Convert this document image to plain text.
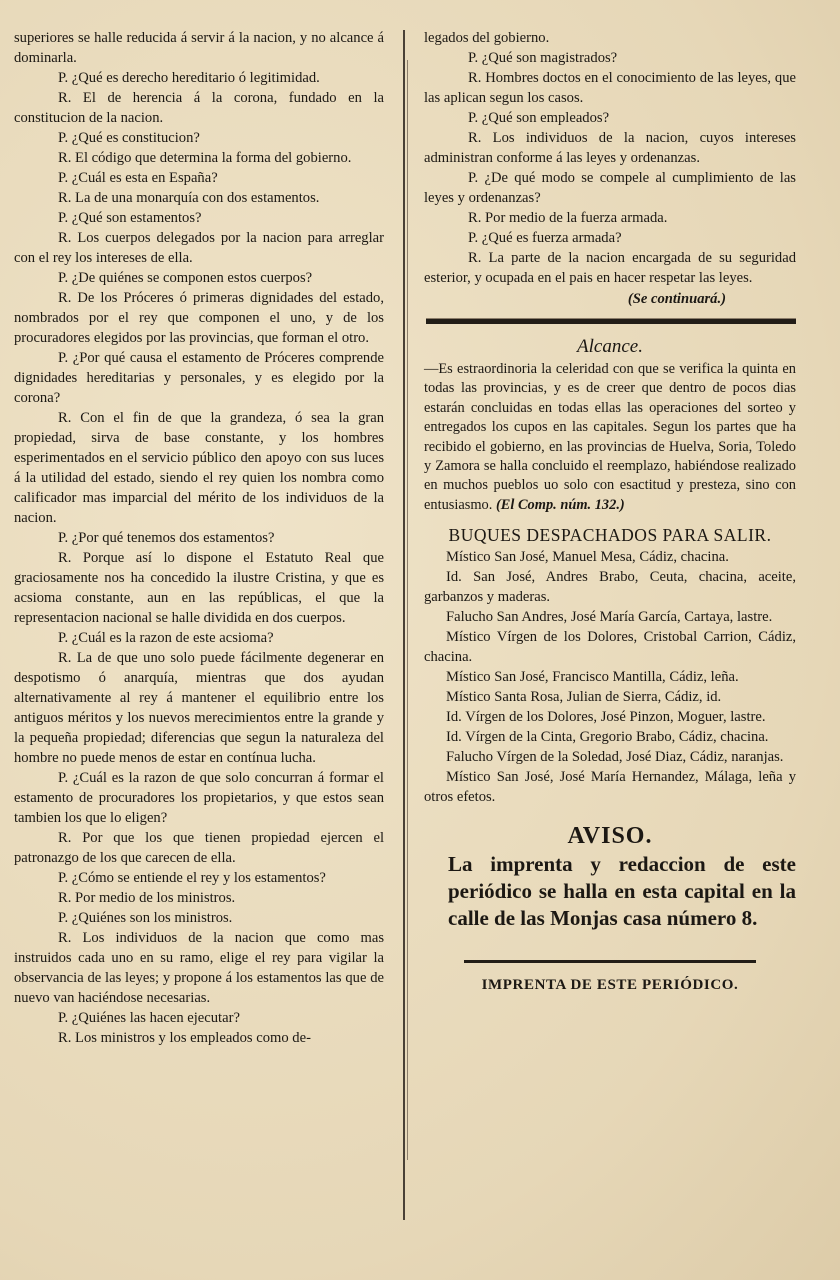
superiores se halle reducida á servir á la nacion, y no alcance á dominarla.

P. ¿Qué es derecho hereditario ó legitimidad.

R. El de herencia á la corona, fundado en la constitucion de la nacion.

P. ¿Qué es constitucion?

R. El código que determina la forma del gobierno.

P. ¿Cuál es esta en España?

R. La de una monarquía con dos estamentos.

P. ¿Qué son estamentos?

R. Los cuerpos delegados por la nacion para arreglar con el rey los intereses de ella.

P. ¿De quiénes se componen estos cuerpos?

R. De los Próceres ó primeras dignidades del estado, nombrados por el rey que componen el uno, y de los procuradores elegidos por las provincias, que forman el otro.

P. ¿Por qué causa el estamento de Próceres comprende dignidades hereditarias y personales, y es elegido por la corona?

R. Con el fin de que la grandeza, ó sea la gran propiedad, sirva de base constante, y los hombres esperimentados en el servicio público den apoyo con sus luces á la utilidad del estado, siendo el rey quien los nombra como calificador mas imparcial del mérito de los individuos de la nacion.

P. ¿Por qué tenemos dos estamentos?

R. Porque así lo dispone el Estatuto Real que graciosamente nos ha concedido la ilustre Cristina, y que es acsioma constante, aun en las repúblicas, el que la representacion nacional se halle dividida en dos cuerpos.

P. ¿Cuál es la razon de este acsioma?

R. La de que uno solo puede fácilmente degenerar en despotismo ó anarquía, mientras que dos ayudan alternativamente al rey á mantener el equilibrio entre los antiguos méritos y los nuevos merecimientos entre la grande y la pequeña propiedad; diferencias que segun la naturaleza del hombre no puede menos de estar en contínua lucha.

P. ¿Cuál es la razon de que solo concurran á formar el estamento de procuradores los propietarios, y que estos sean tambien los que lo eligen?

R. Por que los que tienen propiedad ejercen el patronazgo de los que carecen de ella.

P. ¿Cómo se entiende el rey y los estamentos?

R. Por medio de los ministros.

P. ¿Quiénes son los ministros.

R. Los individuos de la nacion que como mas instruidos cada uno en su ramo, elige el rey para vigilar la observancia de las leyes; y propone á los estamentos las que de nuevo van haciéndose necesarias.

P. ¿Quiénes las hacen ejecutar?

R. Los ministros y los empleados como de-

legados del gobierno.

P. ¿Qué son magistrados?

R. Hombres doctos en el conocimiento de las leyes, que las aplican segun los casos.

P. ¿Qué son empleados?

R. Los individuos de la nacion, cuyos intereses administran conforme á las leyes y ordenanzas.

P. ¿De qué modo se compele al cumplimiento de las leyes y ordenanzas?

R. Por medio de la fuerza armada.

P. ¿Qué es fuerza armada?

R. La parte de la nacion encargada de su seguridad esterior, y ocupada en el pais en hacer respetar las leyes.

(Se continuará.)
Alcance.

—Es estraordinoria la celeridad con que se verifica la quinta en todas las provincias, y es de creer que dentro de pocos dias estarán concluidas en todas ellas las operaciones del sorteo y entregados los cupos en las capitales. Segun los partes que ha recibido el gobierno, en las provincias de Huelva, Soria, Toledo y Zamora se halla concluido el reemplazo, habiéndose realizado en muchos pueblos uo solo con esactitud y presteza, sino con entusiasmo. (El Comp. núm. 132.)

BUQUES DESPACHADOS PARA SALIR.

Místico San José, Manuel Mesa, Cádiz, chacina.

Id. San José, Andres Brabo, Ceuta, chacina, aceite, garbanzos y maderas.

Falucho San Andres, José María García, Cartaya, lastre.

Místico Vírgen de los Dolores, Cristobal Carrion, Cádiz, chacina.

Místico San José, Francisco Mantilla, Cádiz, leña.

Místico Santa Rosa, Julian de Sierra, Cádiz, id.

Id. Vírgen de los Dolores, José Pinzon, Moguer, lastre.

Id. Vírgen de la Cinta, Gregorio Brabo, Cádiz, chacina.

Falucho Vírgen de la Soledad, José Diaz, Cádiz, naranjas.

Místico San José, José María Hernandez, Málaga, leña y otros efetos.

AVISO.
La imprenta y redaccion de este periódico se halla en esta capital en la calle de las Monjas casa número 8.
IMPRENTA DE ESTE PERIÓDICO.
